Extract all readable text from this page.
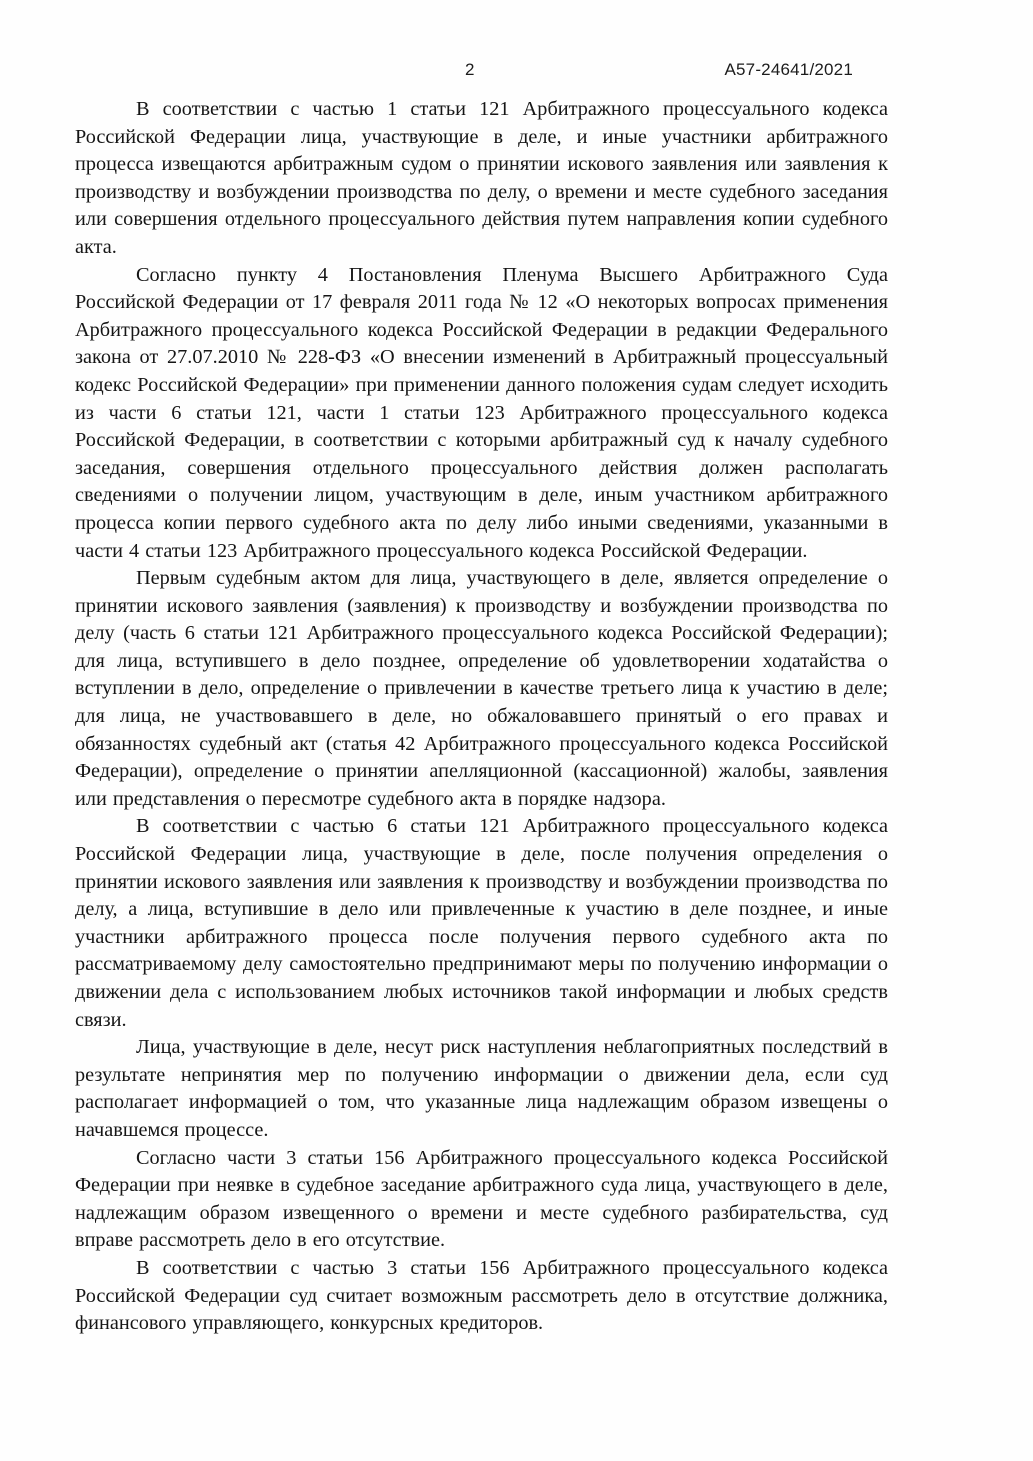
2	А57-24641/2021

В соответствии с частью 1 статьи 121 Арбитражного процессуального кодекса Российской Федерации лица, участвующие в деле, и иные участники арбитражного процесса извещаются арбитражным судом о принятии искового заявления или заявления к производству и возбуждении производства по делу, о времени и месте судебного заседания или совершения отдельного процессуального действия путем направления копии судебного акта.

Согласно пункту 4 Постановления Пленума Высшего Арбитражного Суда Российской Федерации от 17 февраля 2011 года № 12 «О некоторых вопросах применения Арбитражного процессуального кодекса Российской Федерации в редакции Федерального закона от 27.07.2010 № 228-ФЗ «О внесении изменений в Арбитражный процессуальный кодекс Российской Федерации» при применении данного положения судам следует исходить из части 6 статьи 121, части 1 статьи 123 Арбитражного процессуального кодекса Российской Федерации, в соответствии с которыми арбитражный суд к началу судебного заседания, совершения отдельного процессуального действия должен располагать сведениями о получении лицом, участвующим в деле, иным участником арбитражного процесса копии первого судебного акта по делу либо иными сведениями, указанными в части 4 статьи 123 Арбитражного процессуального кодекса Российской Федерации.

Первым судебным актом для лица, участвующего в деле, является определение о принятии искового заявления (заявления) к производству и возбуждении производства по делу (часть 6 статьи 121 Арбитражного процессуального кодекса Российской Федерации); для лица, вступившего в дело позднее, определение об удовлетворении ходатайства о вступлении в дело, определение о привлечении в качестве третьего лица к участию в деле; для лица, не участвовавшего в деле, но обжаловавшего принятый о его правах и обязанностях судебный акт (статья 42 Арбитражного процессуального кодекса Российской Федерации), определение о принятии апелляционной (кассационной) жалобы, заявления или представления о пересмотре судебного акта в порядке надзора.

В соответствии с частью 6 статьи 121 Арбитражного процессуального кодекса Российской Федерации лица, участвующие в деле, после получения определения о принятии искового заявления или заявления к производству и возбуждении производства по делу, а лица, вступившие в дело или привлеченные к участию в деле позднее, и иные участники арбитражного процесса после получения первого судебного акта по рассматриваемому делу самостоятельно предпринимают меры по получению информации о движении дела с использованием любых источников такой информации и любых средств связи.

Лица, участвующие в деле, несут риск наступления неблагоприятных последствий в результате непринятия мер по получению информации о движении дела, если суд располагает информацией о том, что указанные лица надлежащим образом извещены о начавшемся процессе.

Согласно части 3 статьи 156 Арбитражного процессуального кодекса Российской Федерации при неявке в судебное заседание арбитражного суда лица, участвующего в деле, надлежащим образом извещенного о времени и месте судебного разбирательства, суд вправе рассмотреть дело в его отсутствие.

В соответствии с частью 3 статьи 156 Арбитражного процессуального кодекса Российской Федерации суд считает возможным рассмотреть дело в отсутствие должника, финансового управляющего, конкурсных кредиторов.
